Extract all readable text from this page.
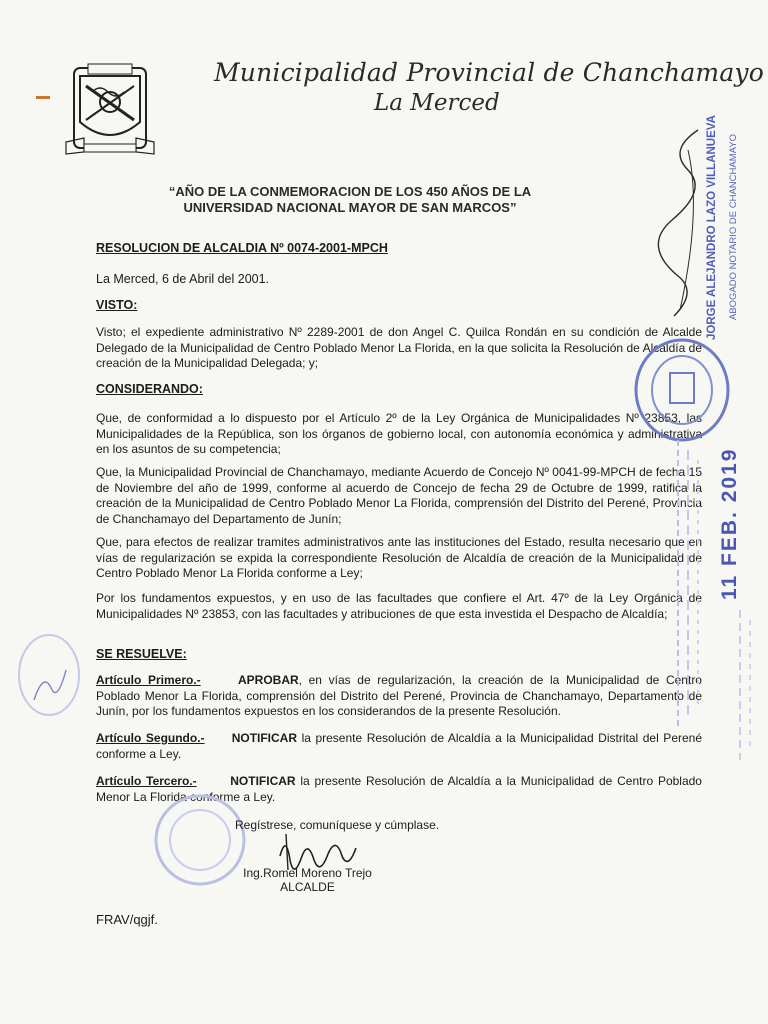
Municipalidad Provincial de Chanchamayo
La Merced
“AÑO DE LA CONMEMORACION DE LOS 450 AÑOS DE LA
UNIVERSIDAD NACIONAL MAYOR DE SAN MARCOS”
RESOLUCION DE ALCALDIA Nº 0074-2001-MPCH
La Merced, 6 de Abril del 2001.
VISTO:
Visto; el expediente administrativo Nº 2289-2001 de don Angel C. Quilca Rondán en su condición de Alcalde Delegado de la Municipalidad de Centro Poblado Menor La Florida, en la que solicita la Resolución de Alcaldía de creación de la Municipalidad Delegada; y;
CONSIDERANDO:
Que, de conformidad a lo dispuesto por el Artículo 2º de la Ley Orgánica de Municipalidades Nº 23853, las Municipalidades de la República, son los órganos de gobierno local, con autonomía económica y administrativa en los asuntos de su competencia;
Que, la Municipalidad Provincial de Chanchamayo, mediante Acuerdo de Concejo Nº 0041-99-MPCH de fecha 15 de Noviembre del año de 1999, conforme al acuerdo de Concejo de fecha 29 de Octubre de 1999, ratifica la creación de la Municipalidad de Centro Poblado Menor La Florida, comprensión del Distrito del Perené, Provincia de Chanchamayo del Departamento de Junín;
Que, para efectos de realizar tramites administrativos ante las instituciones del Estado, resulta necesario que en vías de regularización se expida la correspondiente Resolución de Alcaldía de creación de la Municipalidad de Centro Poblado Menor La Florida conforme a Ley;
Por los fundamentos expuestos, y en uso de las facultades que confiere el Art. 47º de la Ley Orgánica de Municipalidades Nº 23853, con las facultades y atribuciones de que esta investida el Despacho de Alcaldía;
SE RESUELVE:
Artículo Primero.-	APROBAR, en vías de regularización, la creación de la Municipalidad de Centro Poblado Menor La Florida, comprensión del Distrito del Perené, Provincia de Chanchamayo, Departamento de Junín, por los fundamentos expuestos en los considerandos de la presente Resolución.
Artículo Segundo.- NOTIFICAR la presente Resolución de Alcaldía a la Municipalidad Distrital del Perené conforme a Ley.
Artículo Tercero.-	NOTIFICAR la presente Resolución de Alcaldía a la Municipalidad de Centro Poblado Menor La Florida conforme a Ley.
Regístrese, comuníquese y cúmplase.
Ing.Romel Moreno Trejo
ALCALDE
FRAV/qgjf.
JORGE ALEJANDRO LAZO VILLANUEVA ABOGADO NOTARIO DE CHANCHAMAYO
11 FEB. 2019
